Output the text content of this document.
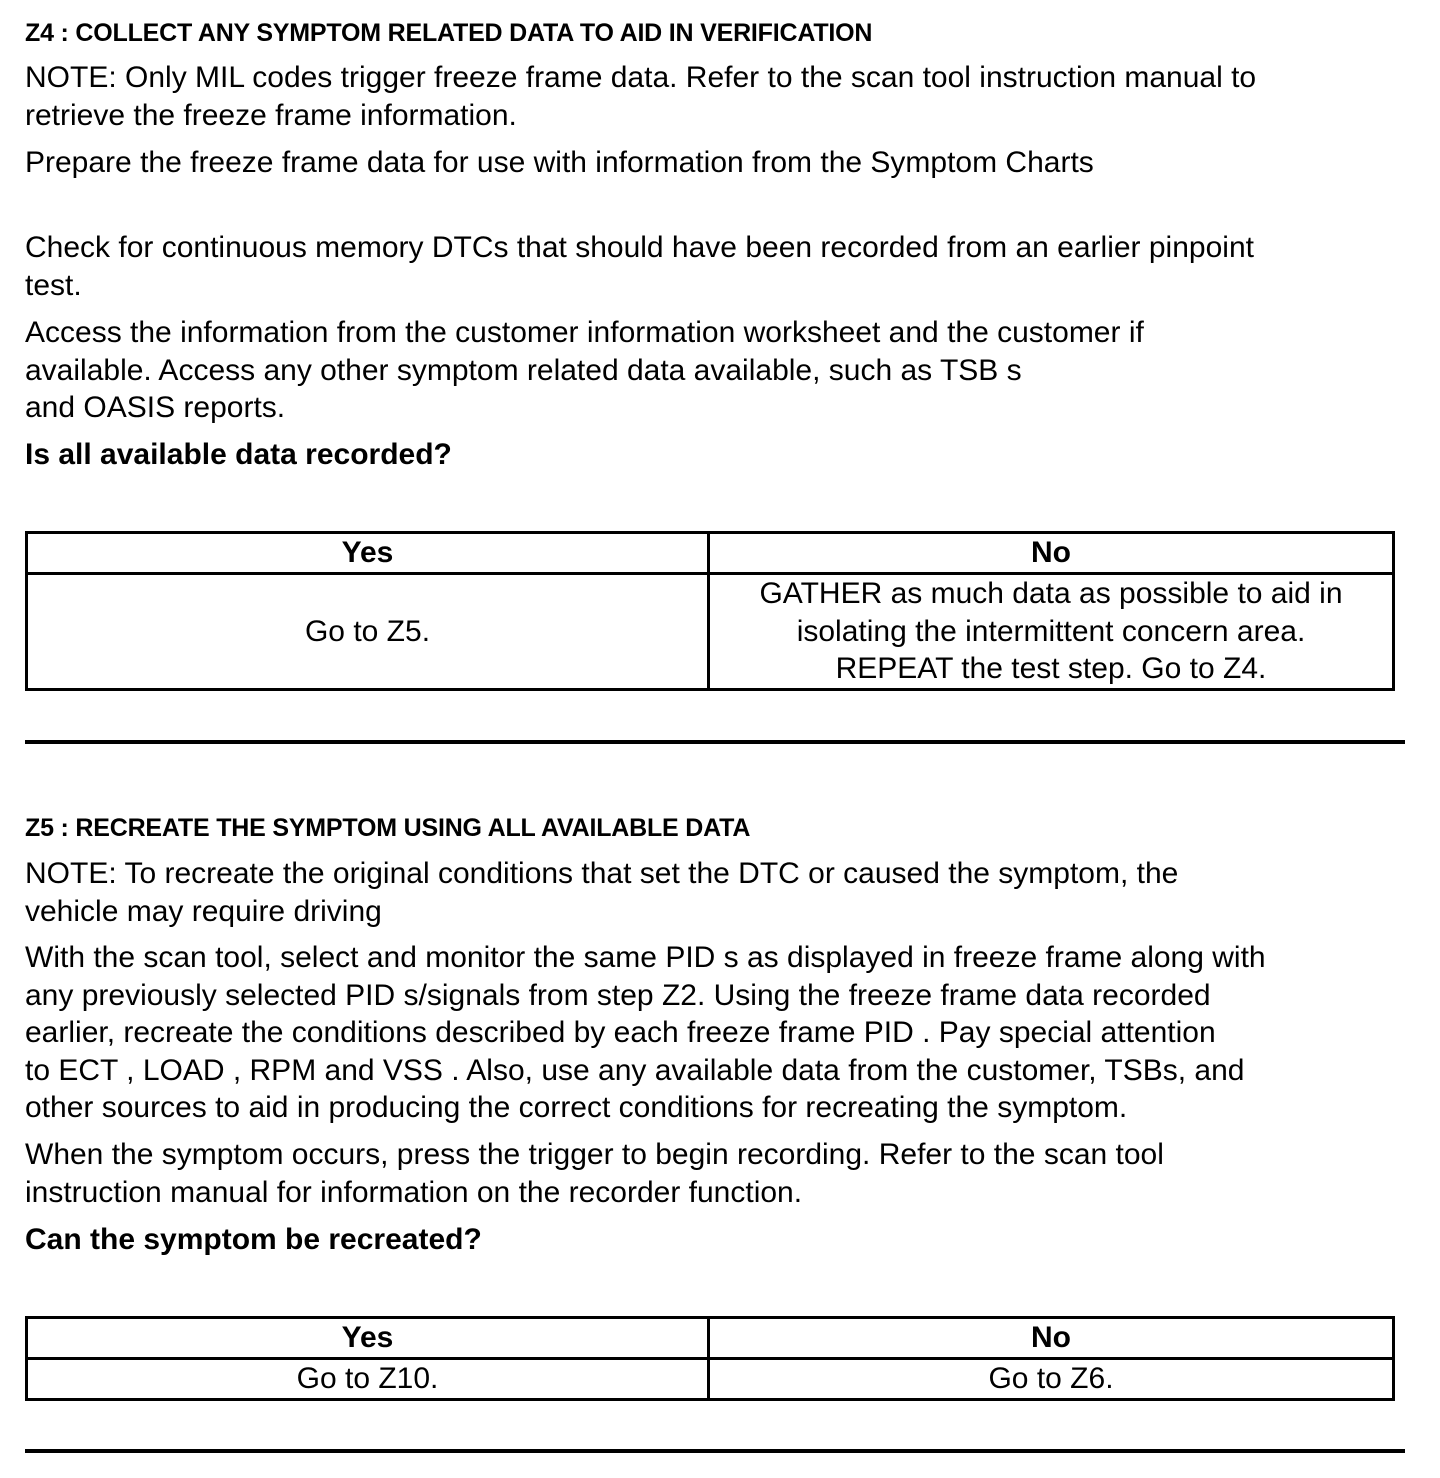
Z4 : COLLECT ANY SYMPTOM RELATED DATA TO AID IN VERIFICATION
NOTE: Only MIL codes trigger freeze frame data. Refer to the scan tool instruction manual to
retrieve the freeze frame information.
Prepare the freeze frame data for use with information from the Symptom Charts
Check for continuous memory DTCs that should have been recorded from an earlier pinpoint
test.
Access the information from the customer information worksheet and the customer if
available. Access any other symptom related data available, such as TSB s
and OASIS reports.
Is all available data recorded?
Yes	No
Go to Z5.	GATHER as much data as possible to aid in
isolating the intermittent concern area.
REPEAT the test step. Go to Z4.
Z5 : RECREATE THE SYMPTOM USING ALL AVAILABLE DATA
NOTE: To recreate the original conditions that set the DTC or caused the symptom, the
vehicle may require driving
With the scan tool, select and monitor the same PID s as displayed in freeze frame along with
any previously selected PID s/signals from step Z2. Using the freeze frame data recorded
earlier, recreate the conditions described by each freeze frame PID . Pay special attention
to ECT , LOAD , RPM and VSS . Also, use any available data from the customer, TSBs, and
other sources to aid in producing the correct conditions for recreating the symptom.
When the symptom occurs, press the trigger to begin recording. Refer to the scan tool
instruction manual for information on the recorder function.
Can the symptom be recreated?
Yes	No
Go to Z10.	Go to Z6.
